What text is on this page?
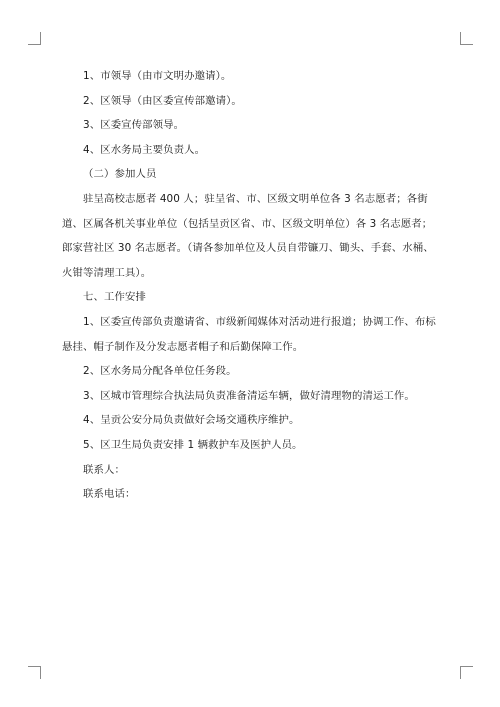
1、市领导（由市文明办邀请）。

2、区领导（由区委宣传部邀请）。

3、区委宣传部领导。

4、区水务局主要负责人。

（二）参加人员

驻呈高校志愿者 400 人；驻呈省、市、区级文明单位各 3 名志愿者；各街道、区属各机关事业单位（包括呈贡区省、市、区级文明单位）各 3 名志愿者；郎家营社区 30 名志愿者。（请各参加单位及人员自带镰刀、锄头、手套、水桶、火钳等清理工具）。

七、工作安排

1、区委宣传部负责邀请省、市级新闻媒体对活动进行报道；协调工作、布标悬挂、帽子制作及分发志愿者帽子和后勤保障工作。

2、区水务局分配各单位任务段。

3、区城市管理综合执法局负责准备清运车辆，做好清理物的清运工作。

4、呈贡公安分局负责做好会场交通秩序维护。

5、区卫生局负责安排 1 辆救护车及医护人员。

联系人：

联系电话：
